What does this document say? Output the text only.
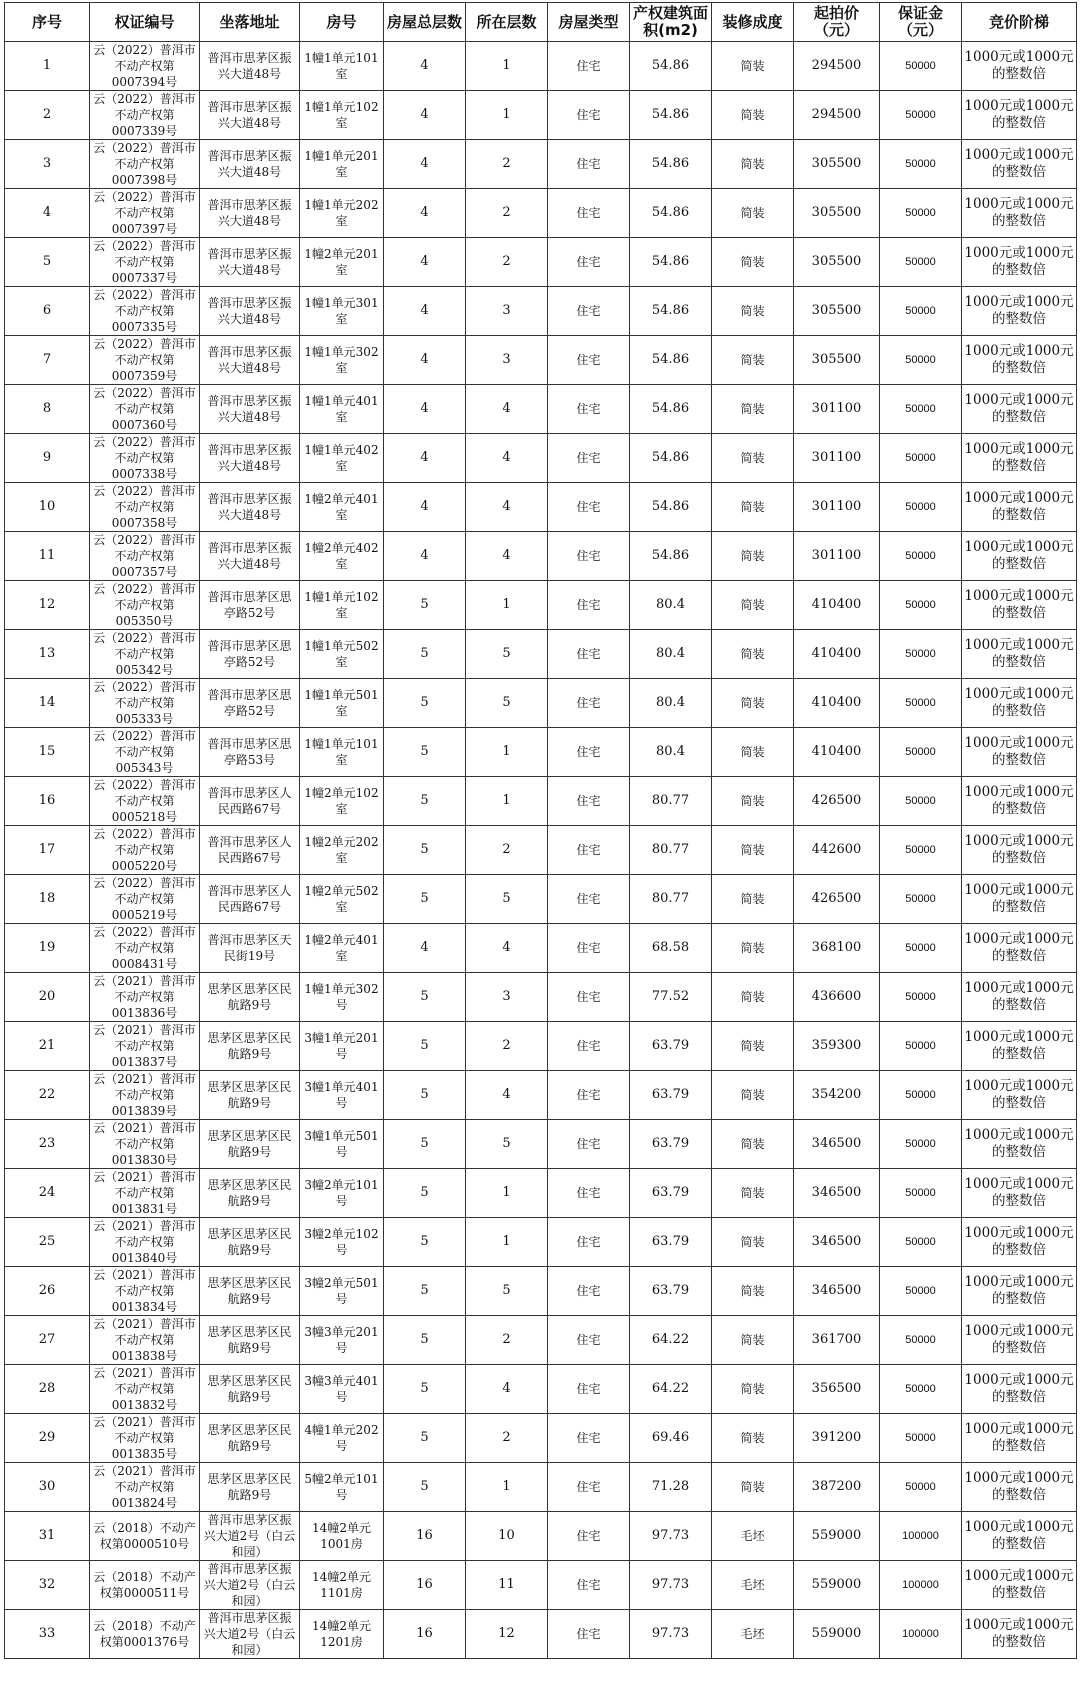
序号	权证编号	坐落地址	房号	房屋总层数	所在层数	房屋类型	产权建筑面积(m2)	装修成度	起拍价（元）	保证金（元）	竞价阶梯
1	云（2022）普洱市不动产权第0007394号	普洱市思茅区振兴大道48号	1幢1单元101室	4	1	住宅	54.86	简装	294500	50000	1000元或1000元的整数倍
2	云（2022）普洱市不动产权第0007339号	普洱市思茅区振兴大道48号	1幢1单元102室	4	1	住宅	54.86	简装	294500	50000	1000元或1000元的整数倍
3	云（2022）普洱市不动产权第0007398号	普洱市思茅区振兴大道48号	1幢1单元201室	4	2	住宅	54.86	简装	305500	50000	1000元或1000元的整数倍
4	云（2022）普洱市不动产权第0007397号	普洱市思茅区振兴大道48号	1幢1单元202室	4	2	住宅	54.86	简装	305500	50000	1000元或1000元的整数倍
5	云（2022）普洱市不动产权第0007337号	普洱市思茅区振兴大道48号	1幢2单元201室	4	2	住宅	54.86	简装	305500	50000	1000元或1000元的整数倍
6	云（2022）普洱市不动产权第0007335号	普洱市思茅区振兴大道48号	1幢1单元301室	4	3	住宅	54.86	简装	305500	50000	1000元或1000元的整数倍
7	云（2022）普洱市不动产权第0007359号	普洱市思茅区振兴大道48号	1幢1单元302室	4	3	住宅	54.86	简装	305500	50000	1000元或1000元的整数倍
8	云（2022）普洱市不动产权第0007360号	普洱市思茅区振兴大道48号	1幢1单元401室	4	4	住宅	54.86	简装	301100	50000	1000元或1000元的整数倍
9	云（2022）普洱市不动产权第0007338号	普洱市思茅区振兴大道48号	1幢1单元402室	4	4	住宅	54.86	简装	301100	50000	1000元或1000元的整数倍
10	云（2022）普洱市不动产权第0007358号	普洱市思茅区振兴大道48号	1幢2单元401室	4	4	住宅	54.86	简装	301100	50000	1000元或1000元的整数倍
11	云（2022）普洱市不动产权第0007357号	普洱市思茅区振兴大道48号	1幢2单元402室	4	4	住宅	54.86	简装	301100	50000	1000元或1000元的整数倍
12	云（2022）普洱市不动产权第005350号	普洱市思茅区思亭路52号	1幢1单元102室	5	1	住宅	80.4	简装	410400	50000	1000元或1000元的整数倍
13	云（2022）普洱市不动产权第005342号	普洱市思茅区思亭路52号	1幢1单元502室	5	5	住宅	80.4	简装	410400	50000	1000元或1000元的整数倍
14	云（2022）普洱市不动产权第005333号	普洱市思茅区思亭路52号	1幢1单元501室	5	5	住宅	80.4	简装	410400	50000	1000元或1000元的整数倍
15	云（2022）普洱市不动产权第005343号	普洱市思茅区思亭路53号	1幢1单元101室	5	1	住宅	80.4	简装	410400	50000	1000元或1000元的整数倍
16	云（2022）普洱市不动产权第0005218号	普洱市思茅区人民西路67号	1幢2单元102室	5	1	住宅	80.77	简装	426500	50000	1000元或1000元的整数倍
17	云（2022）普洱市不动产权第0005220号	普洱市思茅区人民西路67号	1幢2单元202室	5	2	住宅	80.77	简装	442600	50000	1000元或1000元的整数倍
18	云（2022）普洱市不动产权第0005219号	普洱市思茅区人民西路67号	1幢2单元502室	5	5	住宅	80.77	简装	426500	50000	1000元或1000元的整数倍
19	云（2022）普洱市不动产权第0008431号	普洱市思茅区天民街19号	1幢2单元401室	4	4	住宅	68.58	简装	368100	50000	1000元或1000元的整数倍
20	云（2021）普洱市不动产权第0013836号	思茅区思茅区民航路9号	1幢1单元302号	5	3	住宅	77.52	简装	436600	50000	1000元或1000元的整数倍
21	云（2021）普洱市不动产权第0013837号	思茅区思茅区民航路9号	3幢1单元201号	5	2	住宅	63.79	简装	359300	50000	1000元或1000元的整数倍
22	云（2021）普洱市不动产权第0013839号	思茅区思茅区民航路9号	3幢1单元401号	5	4	住宅	63.79	简装	354200	50000	1000元或1000元的整数倍
23	云（2021）普洱市不动产权第0013830号	思茅区思茅区民航路9号	3幢1单元501号	5	5	住宅	63.79	简装	346500	50000	1000元或1000元的整数倍
24	云（2021）普洱市不动产权第0013831号	思茅区思茅区民航路9号	3幢2单元101号	5	1	住宅	63.79	简装	346500	50000	1000元或1000元的整数倍
25	云（2021）普洱市不动产权第0013840号	思茅区思茅区民航路9号	3幢2单元102号	5	1	住宅	63.79	简装	346500	50000	1000元或1000元的整数倍
26	云（2021）普洱市不动产权第0013834号	思茅区思茅区民航路9号	3幢2单元501号	5	5	住宅	63.79	简装	346500	50000	1000元或1000元的整数倍
27	云（2021）普洱市不动产权第0013838号	思茅区思茅区民航路9号	3幢3单元201号	5	2	住宅	64.22	简装	361700	50000	1000元或1000元的整数倍
28	云（2021）普洱市不动产权第0013832号	思茅区思茅区民航路9号	3幢3单元401号	5	4	住宅	64.22	简装	356500	50000	1000元或1000元的整数倍
29	云（2021）普洱市不动产权第0013835号	思茅区思茅区民航路9号	4幢1单元202号	5	2	住宅	69.46	简装	391200	50000	1000元或1000元的整数倍
30	云（2021）普洱市不动产权第0013824号	思茅区思茅区民航路9号	5幢2单元101号	5	1	住宅	71.28	简装	387200	50000	1000元或1000元的整数倍
31	云（2018）不动产权第0000510号	普洱市思茅区振兴大道2号（白云和园）	14幢2单元1001房	16	10	住宅	97.73	毛坯	559000	100000	1000元或1000元的整数倍
32	云（2018）不动产权第0000511号	普洱市思茅区振兴大道2号（白云和园）	14幢2单元1101房	16	11	住宅	97.73	毛坯	559000	100000	1000元或1000元的整数倍
33	云（2018）不动产权第0001376号	普洱市思茅区振兴大道2号（白云和园）	14幢2单元1201房	16	12	住宅	97.73	毛坯	559000	100000	1000元或1000元的整数倍
